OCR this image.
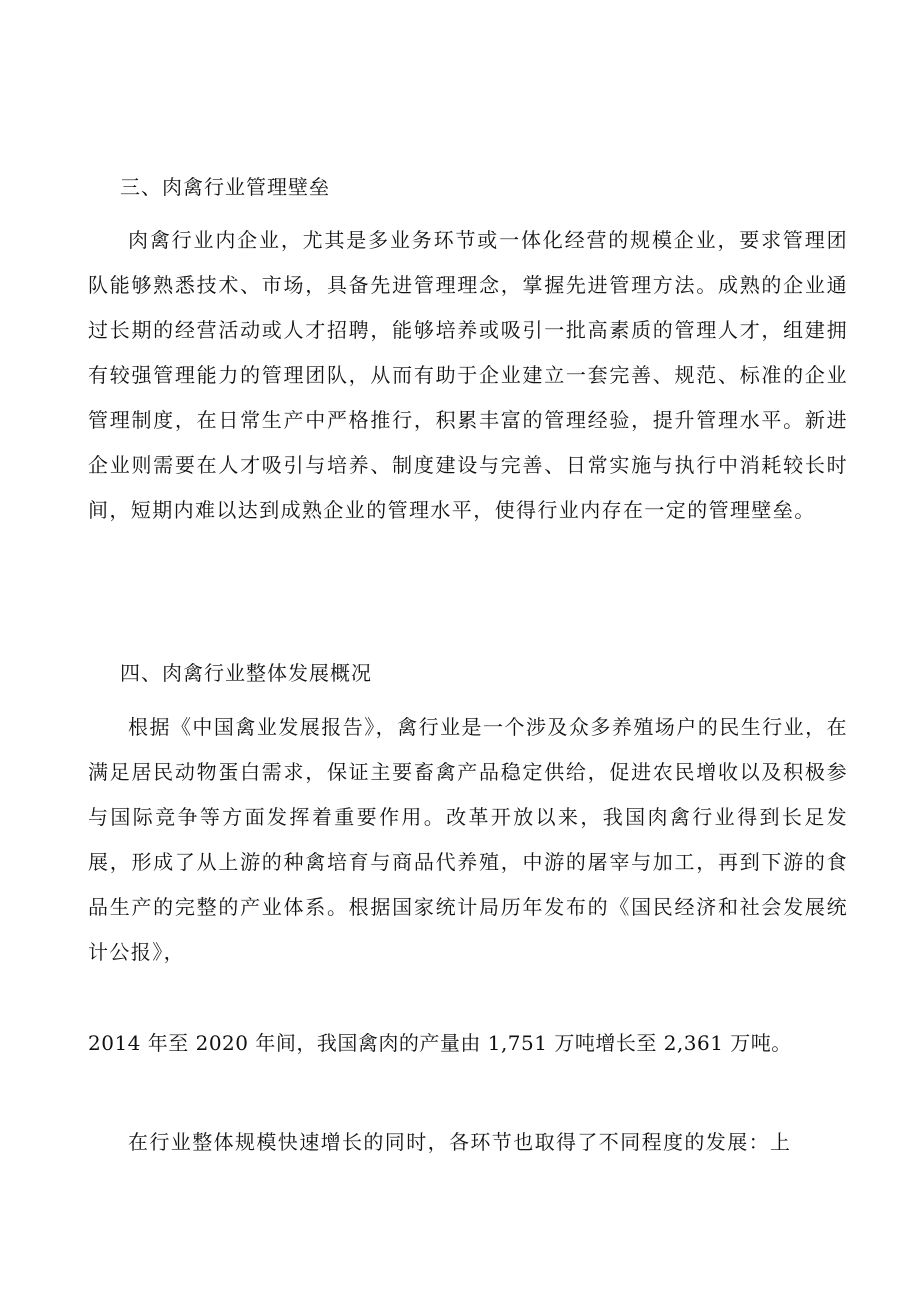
三、肉禽行业管理壁垒
肉禽行业内企业，尤其是多业务环节或一体化经营的规模企业，要求管理团队能够熟悉技术、市场，具备先进管理理念，掌握先进管理方法。成熟的企业通过长期的经营活动或人才招聘，能够培养或吸引一批高素质的管理人才，组建拥有较强管理能力的管理团队，从而有助于企业建立一套完善、规范、标准的企业管理制度，在日常生产中严格推行，积累丰富的管理经验，提升管理水平。新进企业则需要在人才吸引与培养、制度建设与完善、日常实施与执行中消耗较长时间，短期内难以达到成熟企业的管理水平，使得行业内存在一定的管理壁垒。
四、肉禽行业整体发展概况
根据《中国禽业发展报告》，禽行业是一个涉及众多养殖场户的民生行业，在满足居民动物蛋白需求，保证主要畜禽产品稳定供给，促进农民增收以及积极参与国际竞争等方面发挥着重要作用。改革开放以来，我国肉禽行业得到长足发展，形成了从上游的种禽培育与商品代养殖，中游的屠宰与加工，再到下游的食品生产的完整的产业体系。根据国家统计局历年发布的《国民经济和社会发展统计公报》，
2014 年至 2020 年间，我国禽肉的产量由 1,751 万吨增长至 2,361 万吨。
在行业整体规模快速增长的同时，各环节也取得了不同程度的发展：上
